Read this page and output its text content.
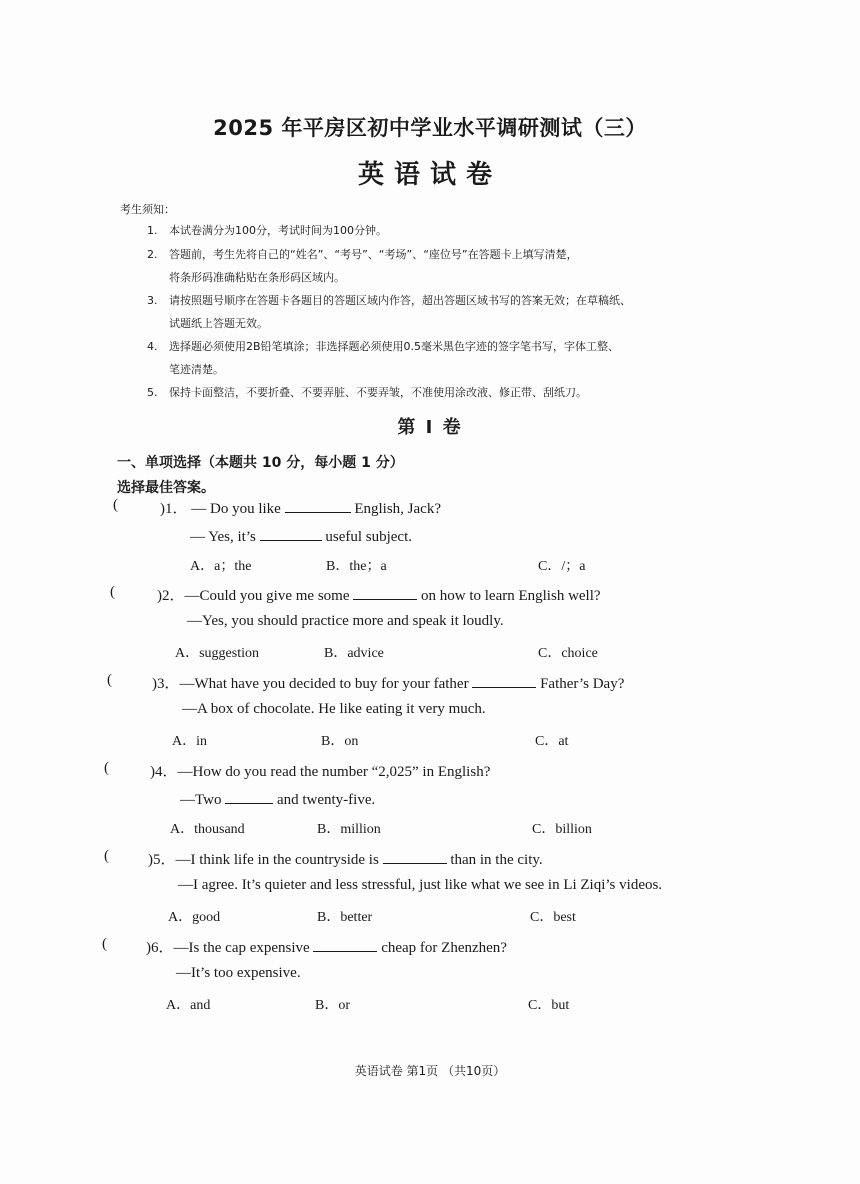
2025 年平房区初中学业水平调研测试（三）
英语试卷
考生须知：
1. 本试卷满分为100分，考试时间为100分钟。
2. 答题前，考生先将自己的“姓名”、“考号”、“考场”、“座位号”在答题卡上填写清楚，
将条形码准确粘贴在条形码区域内。
3. 请按照题号顺序在答题卡各题目的答题区域内作答，超出答题区域书写的答案无效；在草稿纸、
试题纸上答题无效。
4. 选择题必须使用2B铅笔填涂；非选择题必须使用0.5毫米黑色字迹的签字笔书写，字体工整、
笔迹清楚。
5. 保持卡面整洁，不要折叠、不要弄脏、不要弄皱，不准使用涂改液、修正带、刮纸刀。
第 I 卷
一、单项选择（本题共 10 分，每小题 1 分）
选择最佳答案。
(	)1． — Do you like	English, Jack?
— Yes, it’s	useful subject.
A．a；the	B．the；a	C．/；a
(	)2．—Could you give me some	on how to learn English well?
—Yes, you should practice more and speak it loudly.
A．suggestion	B．advice	C．choice
(	)3．—What have you decided to buy for your father	Father’s Day?
—A box of chocolate. He like eating it very much.
A．in	B．on	C．at
(	)4．—How do you read the number “2,025” in English?
—Two	and twenty-five.
A．thousand	B．million	C．billion
(	)5．—I think life in the countryside is	than in the city.
—I agree. It’s quieter and less stressful, just like what we see in Li Ziqi’s videos.
A．good	B．better	C．best
(	)6．—Is the cap expensive	cheap for Zhenzhen?
—It’s too expensive.
A．and	B．or	C．but
英语试卷 第1页 （共10页）
